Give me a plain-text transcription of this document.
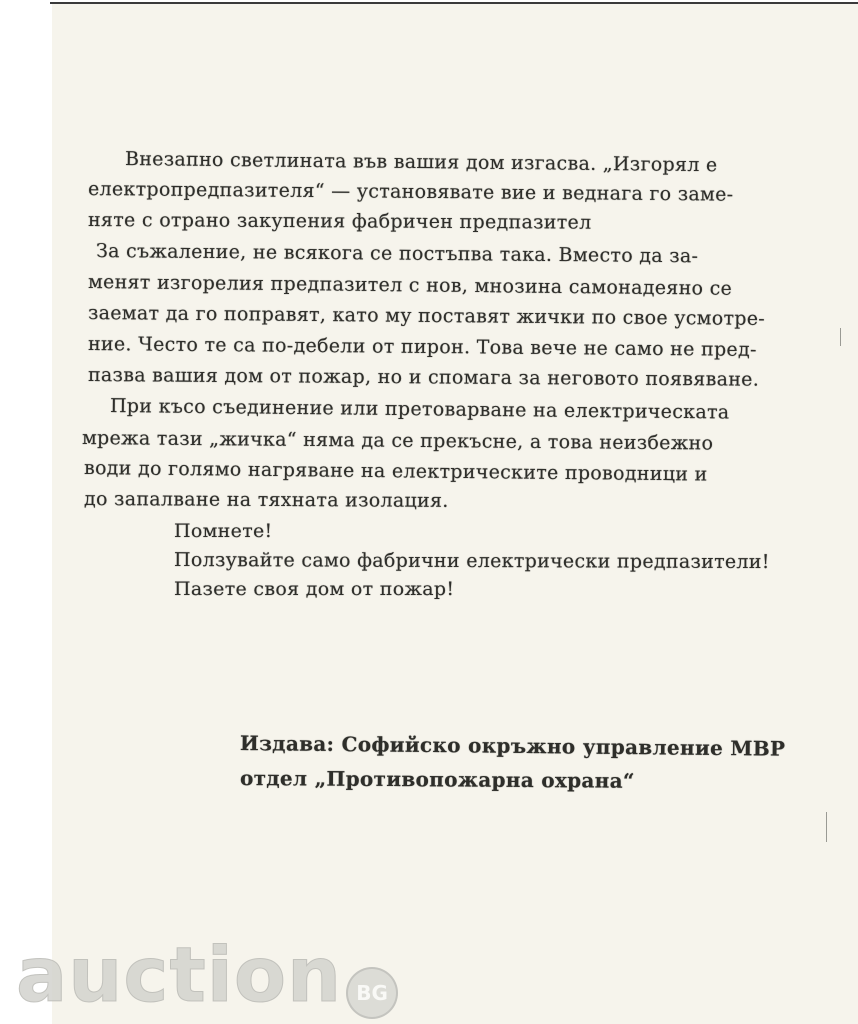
Внезапно светлината във вашия дом изгасва. „Изгорял е
електропредпазителя“ — установявате вие и веднага го заме-
няте с отрано закупения фабричен предпазител
За съжаление, не всякога се постъпва така. Вместо да за-
менят изгорелия предпазител с нов, мнозина самонадеяно се
заемат да го поправят, като му поставят жички по свое усмотре-
ние. Често те са по-дебели от пирон. Това вече не само не пред-
пазва вашия дом от пожар, но и спомага за неговото появяване.
При късо съединение или претоварване на електрическата
мрежа тази „жичка“ няма да се прекъсне, а това неизбежно
води до голямо нагряване на електрическите проводници и
до запалване на тяхната изолация.
Помнете!
Ползувайте само фабрични електрически предпазители!
Пазете своя дом от пожар!
Издава: Софийско окръжно управление МВР
отдел „Противопожарна охрана“
auction BG
